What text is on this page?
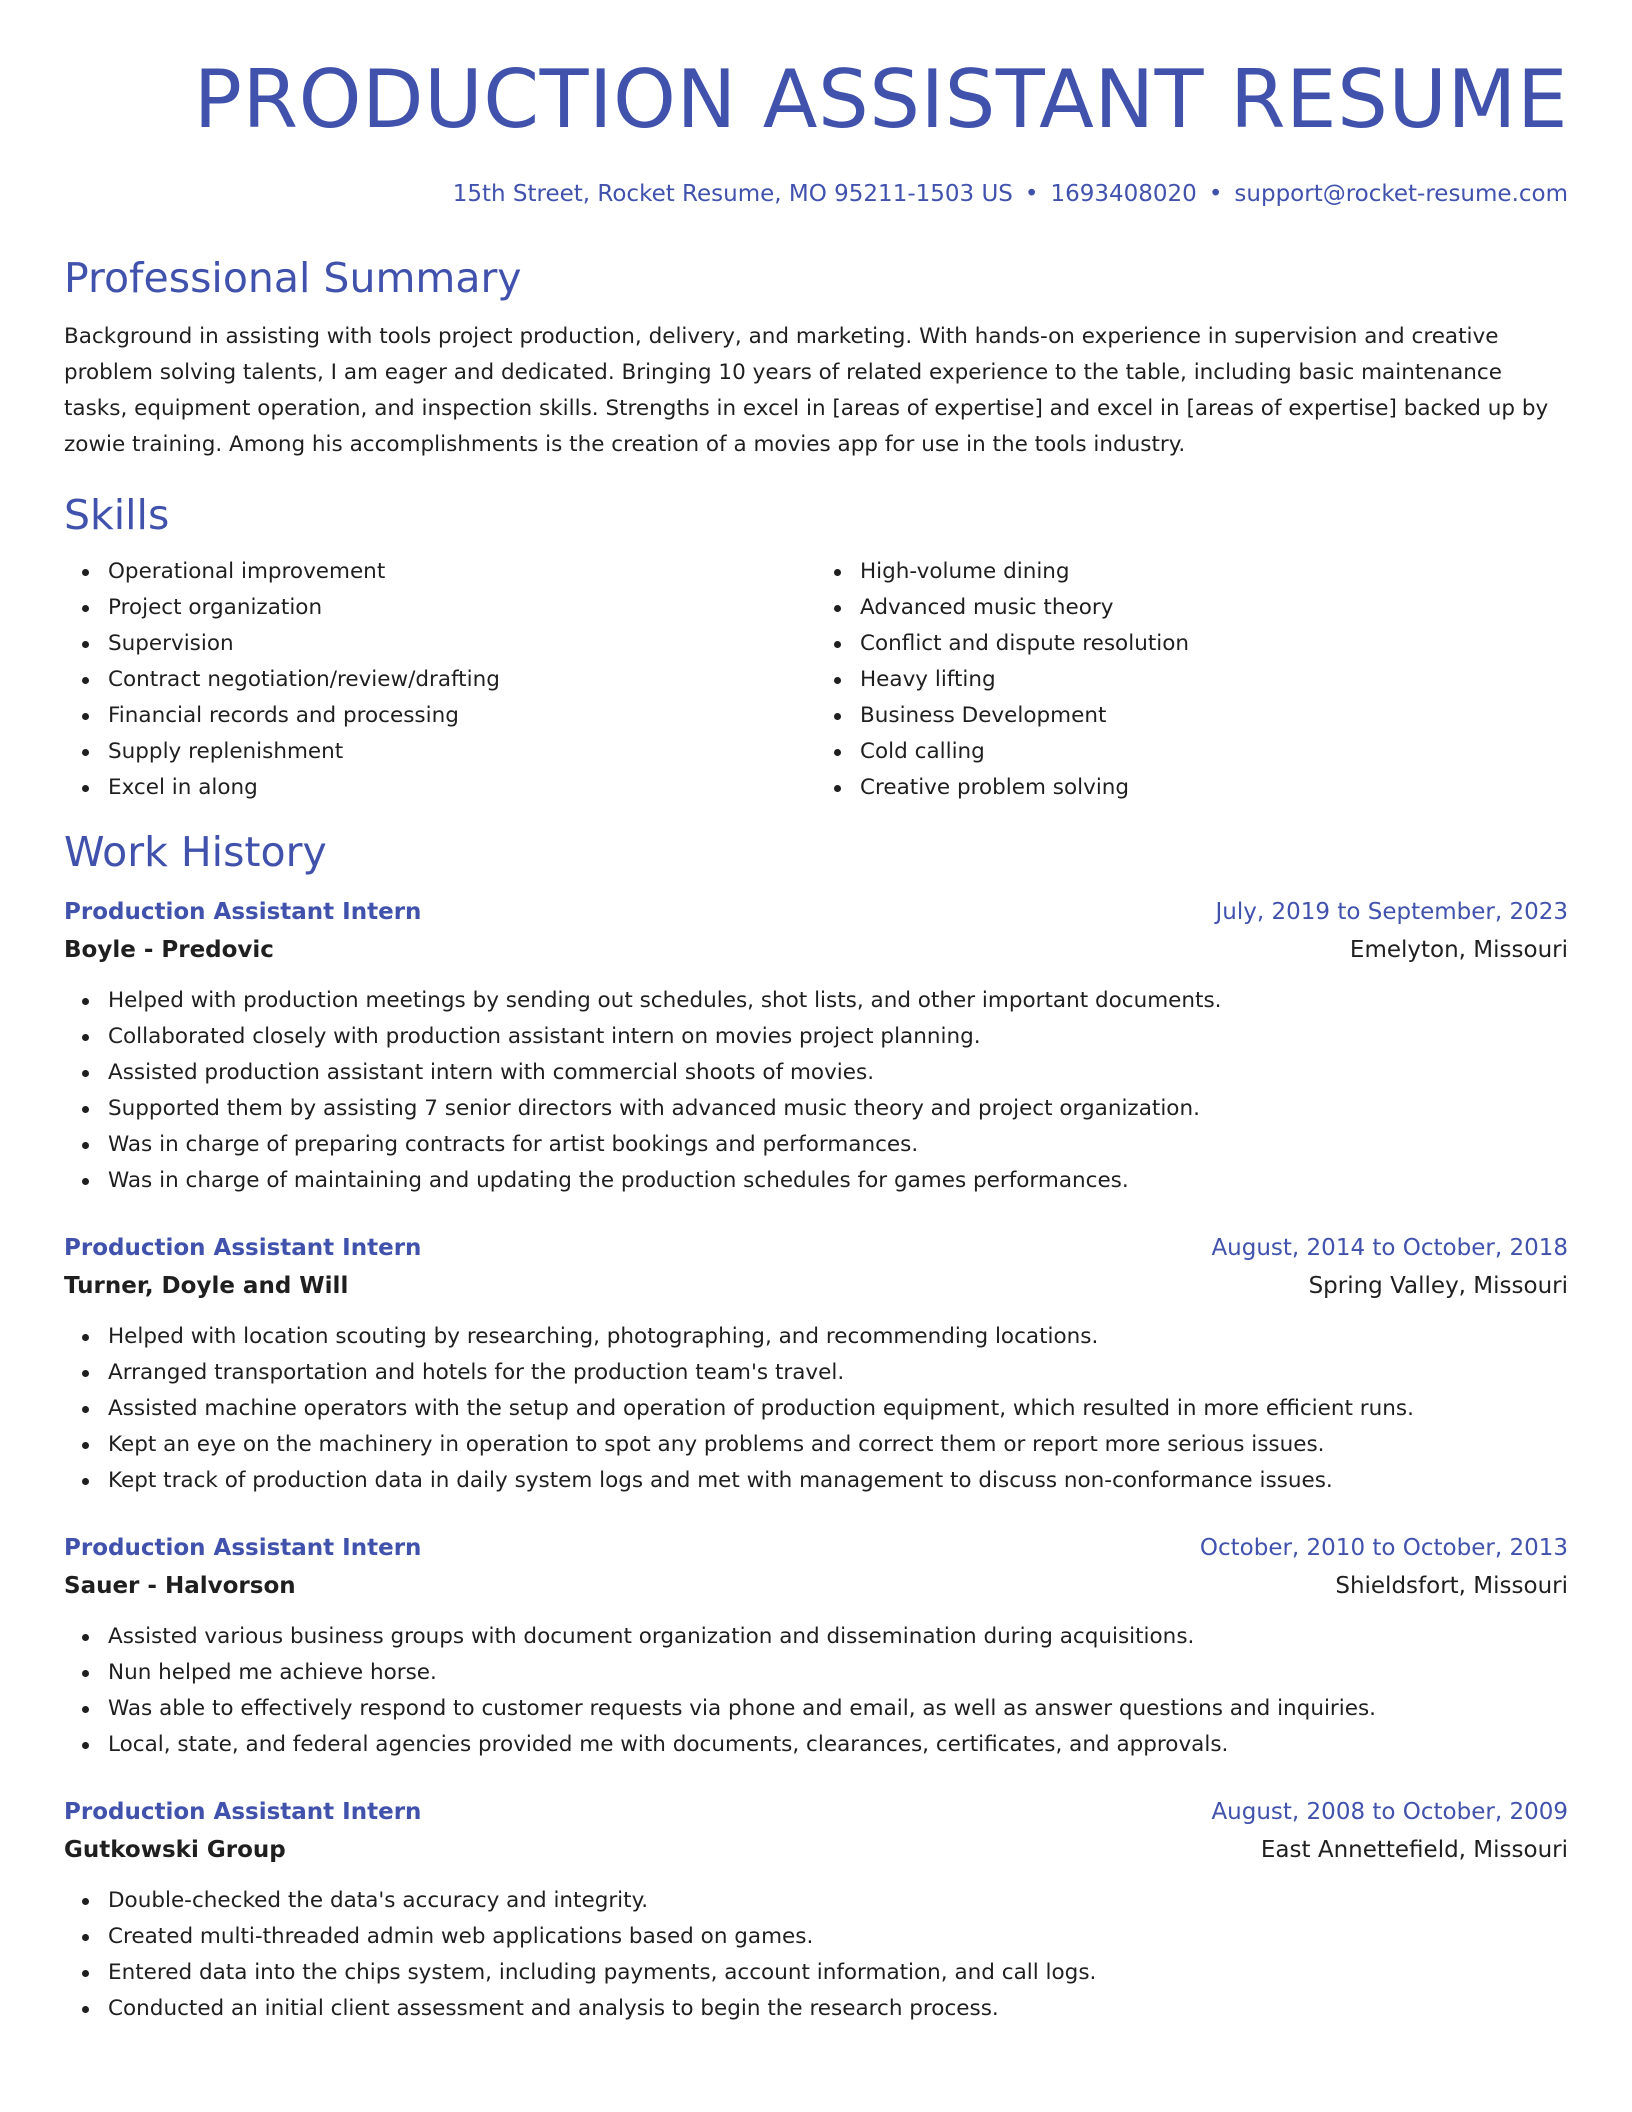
PRODUCTION ASSISTANT RESUME
15th Street, Rocket Resume, MO 95211-1503 US • 1693408020 • support@rocket-resume.com
Professional Summary

Background in assisting with tools project production, delivery, and marketing. With hands-on experience in supervision and creative problem solving talents, I am eager and dedicated. Bringing 10 years of related experience to the table, including basic maintenance tasks, equipment operation, and inspection skills. Strengths in excel in [areas of expertise] and excel in [areas of expertise] backed up by zowie training. Among his accomplishments is the creation of a movies app for use in the tools industry.

Skills
Operational improvement
Project organization
Supervision
Contract negotiation/review/drafting
Financial records and processing
Supply replenishment
Excel in along
High-volume dining
Advanced music theory
Conflict and dispute resolution
Heavy lifting
Business Development
Cold calling
Creative problem solving
Work History
Production Assistant Intern	July, 2019 to September, 2023
Boyle - Predovic	Emelyton, Missouri
Helped with production meetings by sending out schedules, shot lists, and other important documents.
Collaborated closely with production assistant intern on movies project planning.
Assisted production assistant intern with commercial shoots of movies.
Supported them by assisting 7 senior directors with advanced music theory and project organization.
Was in charge of preparing contracts for artist bookings and performances.
Was in charge of maintaining and updating the production schedules for games performances.
Production Assistant Intern	August, 2014 to October, 2018
Turner, Doyle and Will	Spring Valley, Missouri
Helped with location scouting by researching, photographing, and recommending locations.
Arranged transportation and hotels for the production team's travel.
Assisted machine operators with the setup and operation of production equipment, which resulted in more efficient runs.
Kept an eye on the machinery in operation to spot any problems and correct them or report more serious issues.
Kept track of production data in daily system logs and met with management to discuss non-conformance issues.
Production Assistant Intern	October, 2010 to October, 2013
Sauer - Halvorson	Shieldsfort, Missouri
Assisted various business groups with document organization and dissemination during acquisitions.
Nun helped me achieve horse.
Was able to effectively respond to customer requests via phone and email, as well as answer questions and inquiries.
Local, state, and federal agencies provided me with documents, clearances, certificates, and approvals.
Production Assistant Intern	August, 2008 to October, 2009
Gutkowski Group	East Annettefield, Missouri
Double-checked the data's accuracy and integrity.
Created multi-threaded admin web applications based on games.
Entered data into the chips system, including payments, account information, and call logs.
Conducted an initial client assessment and analysis to begin the research process.
